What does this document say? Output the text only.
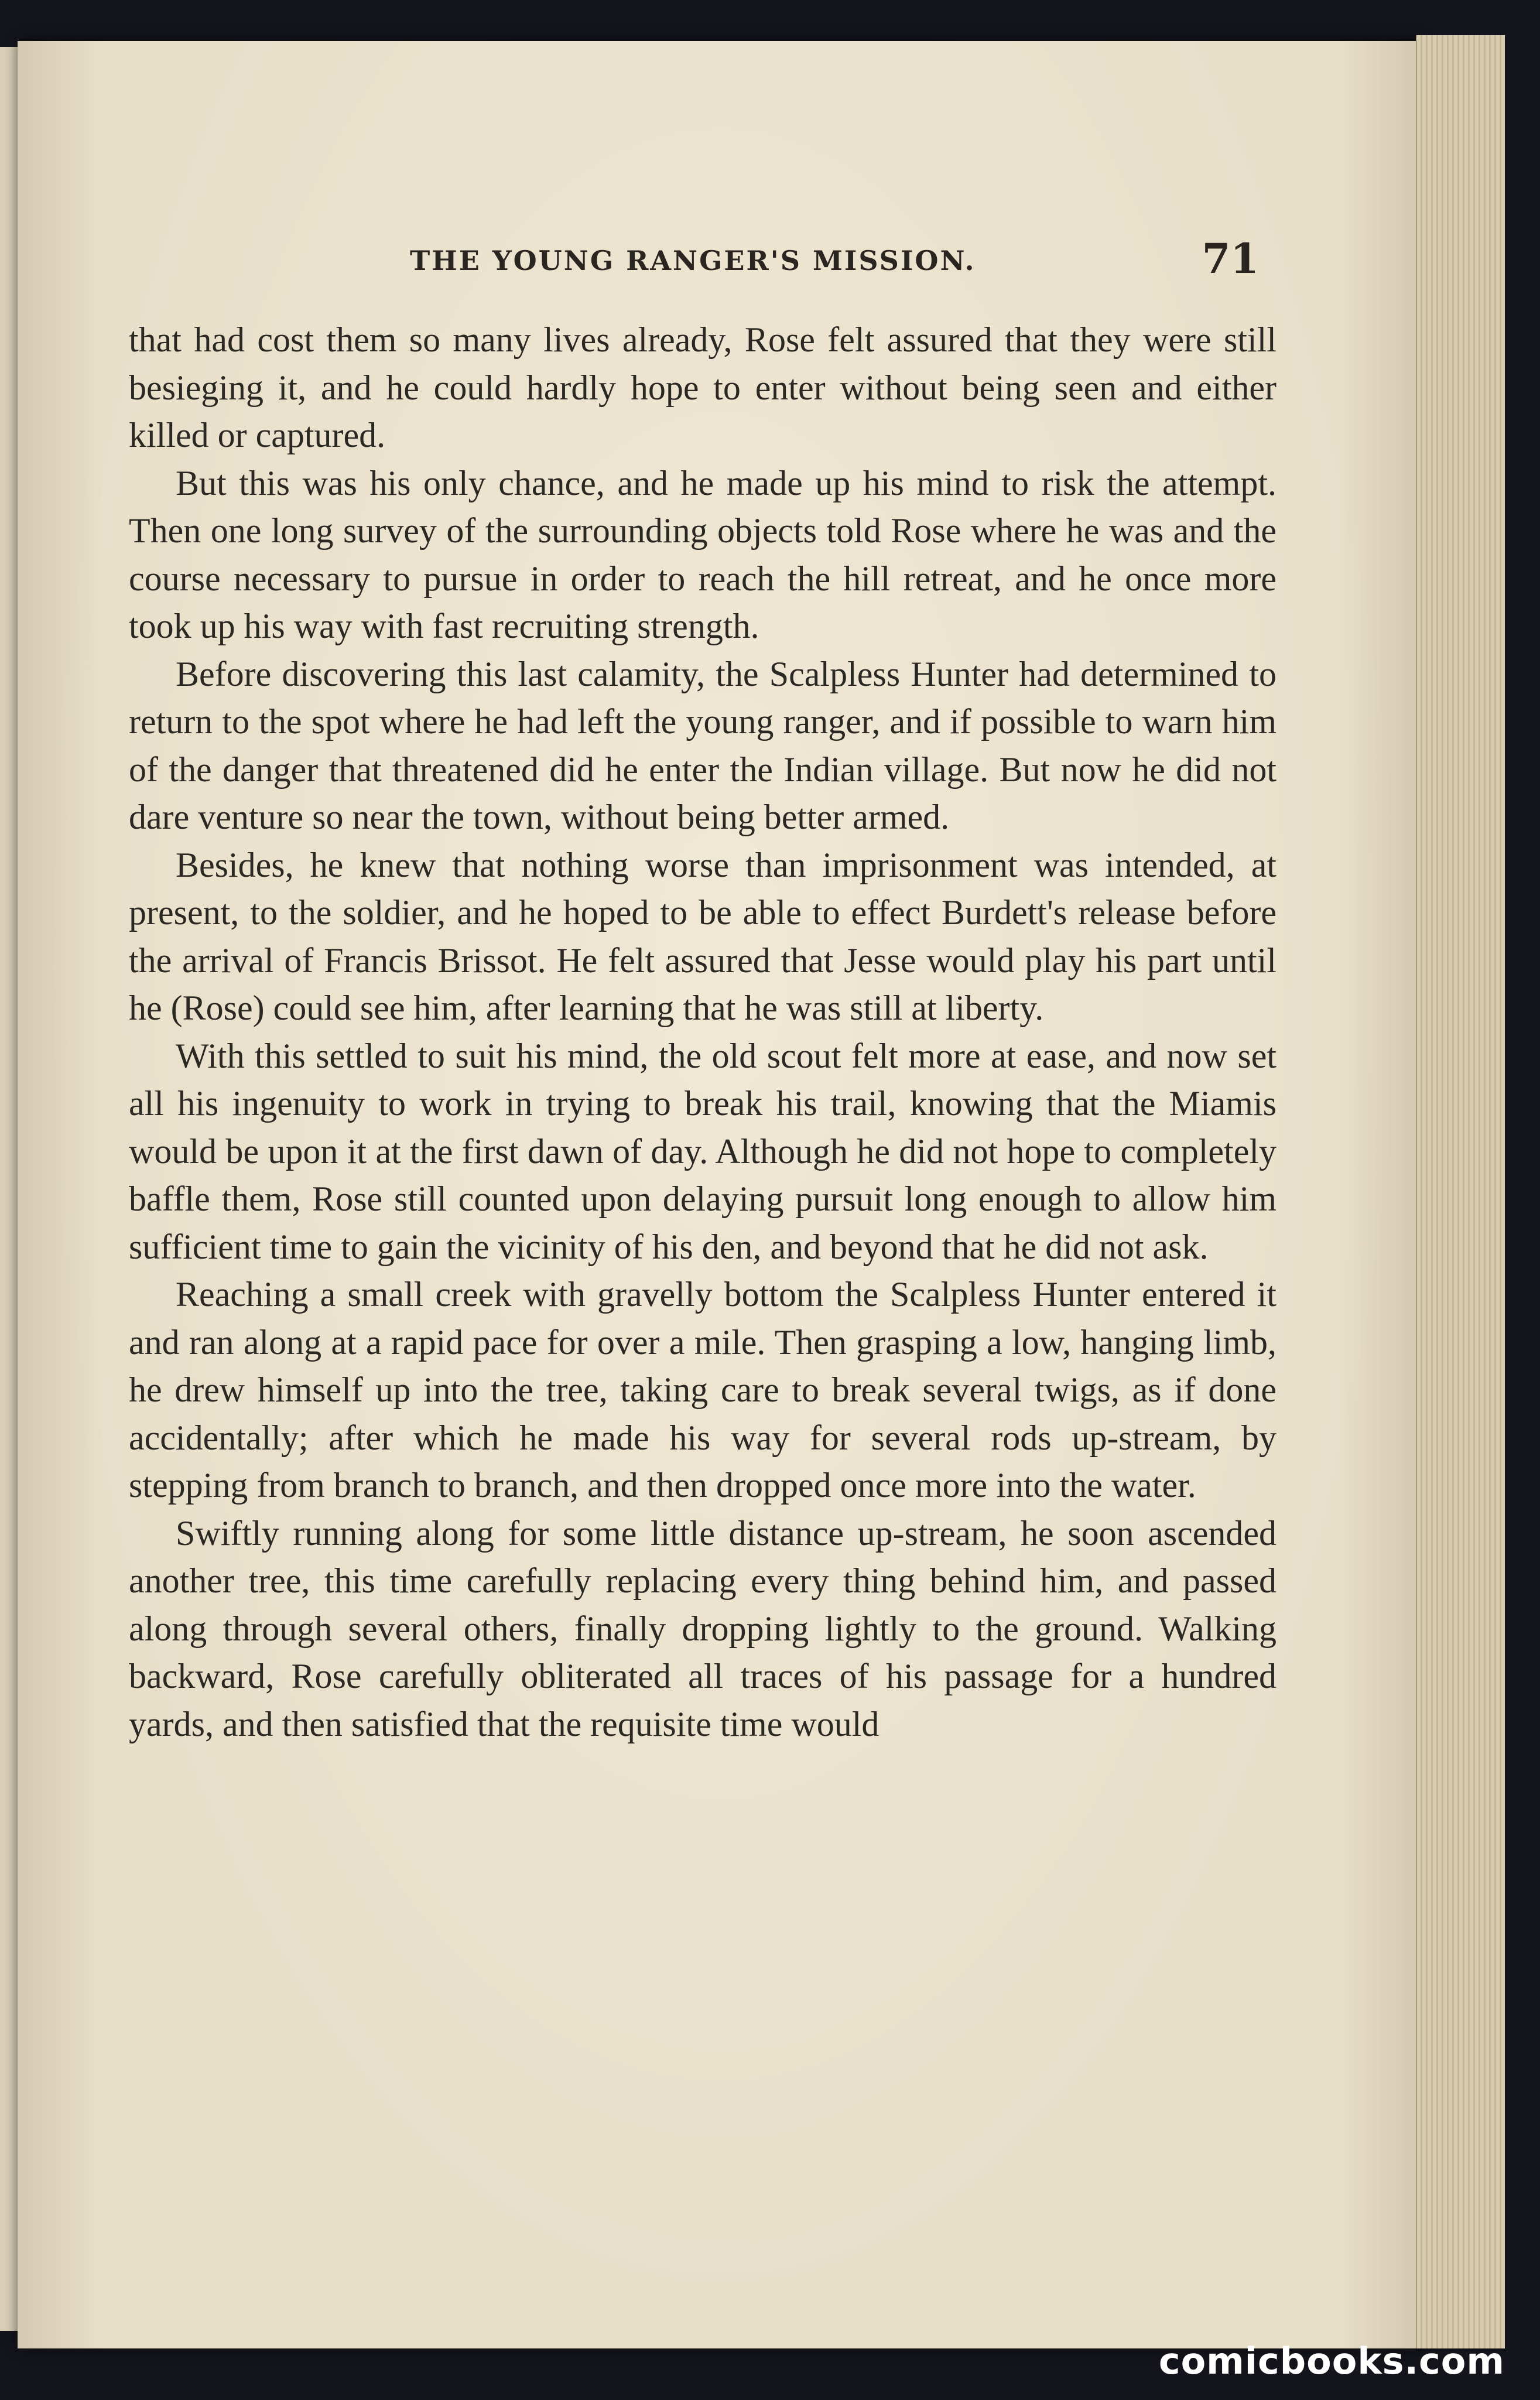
THE YOUNG RANGER'S MISSION.	71

that had cost them so many lives already, Rose felt assured that they were still besieging it, and he could hardly hope to enter without being seen and either killed or captured.

But this was his only chance, and he made up his mind to risk the attempt. Then one long survey of the surrounding objects told Rose where he was and the course necessary to pursue in order to reach the hill retreat, and he once more took up his way with fast recruiting strength.

Before discovering this last calamity, the Scalpless Hunter had determined to return to the spot where he had left the young ranger, and if possible to warn him of the danger that threatened did he enter the Indian village. But now he did not dare venture so near the town, without being better armed.

Besides, he knew that nothing worse than imprisonment was intended, at present, to the soldier, and he hoped to be able to effect Burdett's release before the arrival of Francis Brissot. He felt assured that Jesse would play his part until he (Rose) could see him, after learning that he was still at liberty.

With this settled to suit his mind, the old scout felt more at ease, and now set all his ingenuity to work in trying to break his trail, knowing that the Miamis would be upon it at the first dawn of day. Although he did not hope to completely baffle them, Rose still counted upon delaying pursuit long enough to allow him sufficient time to gain the vicinity of his den, and beyond that he did not ask.

Reaching a small creek with gravelly bottom the Scalpless Hunter entered it and ran along at a rapid pace for over a mile. Then grasping a low, hanging limb, he drew himself up into the tree, taking care to break several twigs, as if done accidentally; after which he made his way for several rods up-stream, by stepping from branch to branch, and then dropped once more into the water.

Swiftly running along for some little distance up-stream, he soon ascended another tree, this time carefully replacing every thing behind him, and passed along through several others, finally dropping lightly to the ground. Walking backward, Rose carefully obliterated all traces of his passage for a hundred yards, and then satisfied that the requisite time would

comicbooks.com
